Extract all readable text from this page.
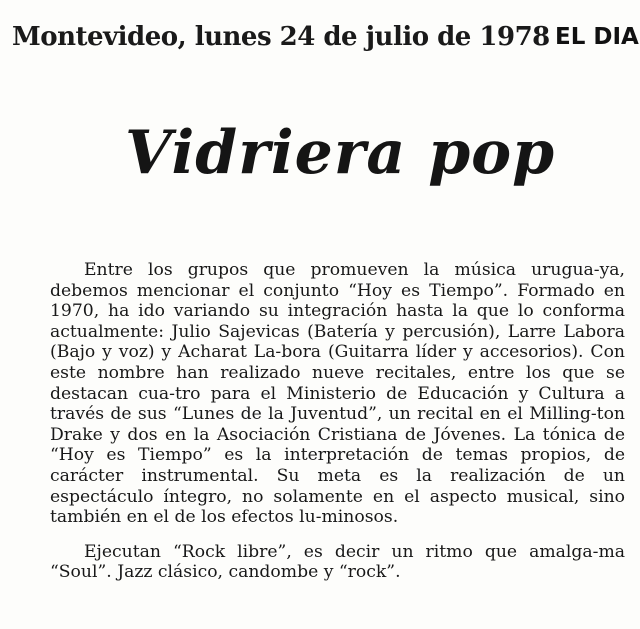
Montevideo, lunes 24 de julio de 1978 EL DIA
Vidriera pop

Entre los grupos que promueven la música urugua-ya, debemos mencionar el conjunto “Hoy es Tiempo”. Formado en 1970, ha ido variando su integración hasta la que lo conforma actualmente: Julio Sajevicas (Batería y percusión), Larre Labora (Bajo y voz) y Acharat La-bora (Guitarra líder y accesorios). Con este nombre han realizado nueve recitales, entre los que se destacan cua-tro para el Ministerio de Educación y Cultura a través de sus “Lunes de la Juventud”, un recital en el Milling-ton Drake y dos en la Asociación Cristiana de Jóvenes. La tónica de “Hoy es Tiempo” es la interpretación de temas propios, de carácter instrumental. Su meta es la realización de un espectáculo íntegro, no solamente en el aspecto musical, sino también en el de los efectos lu-minosos.

Ejecutan “Rock libre”, es decir un ritmo que amalga-ma “Soul”. Jazz clásico, candombe y “rock”.
